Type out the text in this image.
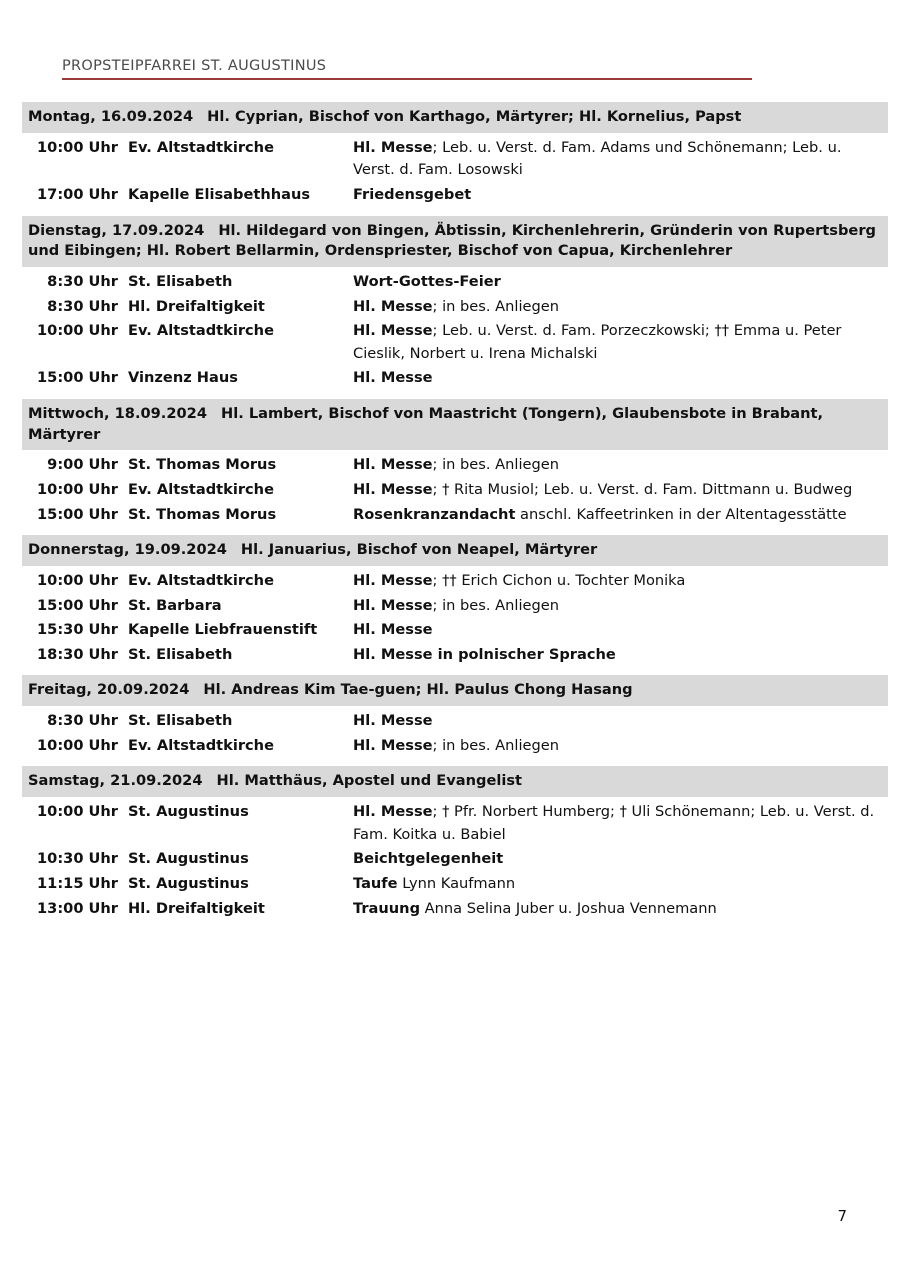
PROPSTEIPFARREI ST. AUGUSTINUS
Montag, 16.09.2024 Hl. Cyprian, Bischof von Karthago, Märtyrer; Hl. Kornelius, Papst
10:00 Uhr Ev. Altstadtkirche	Hl. Messe; Leb. u. Verst. d. Fam. Adams und Schönemann; Leb. u. Verst. d. Fam. Losowski
17:00 Uhr Kapelle Elisabethhaus	Friedensgebet
Dienstag, 17.09.2024 Hl. Hildegard von Bingen, Äbtissin, Kirchenlehrerin, Gründerin von Rupertsberg und Eibingen; Hl. Robert Bellarmin, Ordenspriester, Bischof von Capua, Kirchenlehrer
8:30 Uhr St. Elisabeth	Wort-Gottes-Feier
8:30 Uhr Hl. Dreifaltigkeit	Hl. Messe; in bes. Anliegen
10:00 Uhr Ev. Altstadtkirche	Hl. Messe; Leb. u. Verst. d. Fam. Porzeczkowski; †† Emma u. Peter Cieslik, Norbert u. Irena Michalski
15:00 Uhr Vinzenz Haus	Hl. Messe
Mittwoch, 18.09.2024 Hl. Lambert, Bischof von Maastricht (Tongern), Glaubensbote in Brabant, Märtyrer
9:00 Uhr St. Thomas Morus	Hl. Messe; in bes. Anliegen
10:00 Uhr Ev. Altstadtkirche	Hl. Messe; † Rita Musiol; Leb. u. Verst. d. Fam. Dittmann u. Budweg
15:00 Uhr St. Thomas Morus	Rosenkranzandacht anschl. Kaffeetrinken in der Altentagesstätte
Donnerstag, 19.09.2024 Hl. Januarius, Bischof von Neapel, Märtyrer
10:00 Uhr Ev. Altstadtkirche	Hl. Messe; †† Erich Cichon u. Tochter Monika
15:00 Uhr St. Barbara	Hl. Messe; in bes. Anliegen
15:30 Uhr Kapelle Liebfrauenstift	Hl. Messe
18:30 Uhr St. Elisabeth	Hl. Messe in polnischer Sprache
Freitag, 20.09.2024 Hl. Andreas Kim Tae-guen; Hl. Paulus Chong Hasang
8:30 Uhr St. Elisabeth	Hl. Messe
10:00 Uhr Ev. Altstadtkirche	Hl. Messe; in bes. Anliegen
Samstag, 21.09.2024 Hl. Matthäus, Apostel und Evangelist
10:00 Uhr St. Augustinus	Hl. Messe; † Pfr. Norbert Humberg; † Uli Schönemann; Leb. u. Verst. d. Fam. Koitka u. Babiel
10:30 Uhr St. Augustinus	Beichtgelegenheit
11:15 Uhr St. Augustinus	Taufe Lynn Kaufmann
13:00 Uhr Hl. Dreifaltigkeit	Trauung Anna Selina Juber u. Joshua Vennemann
7
